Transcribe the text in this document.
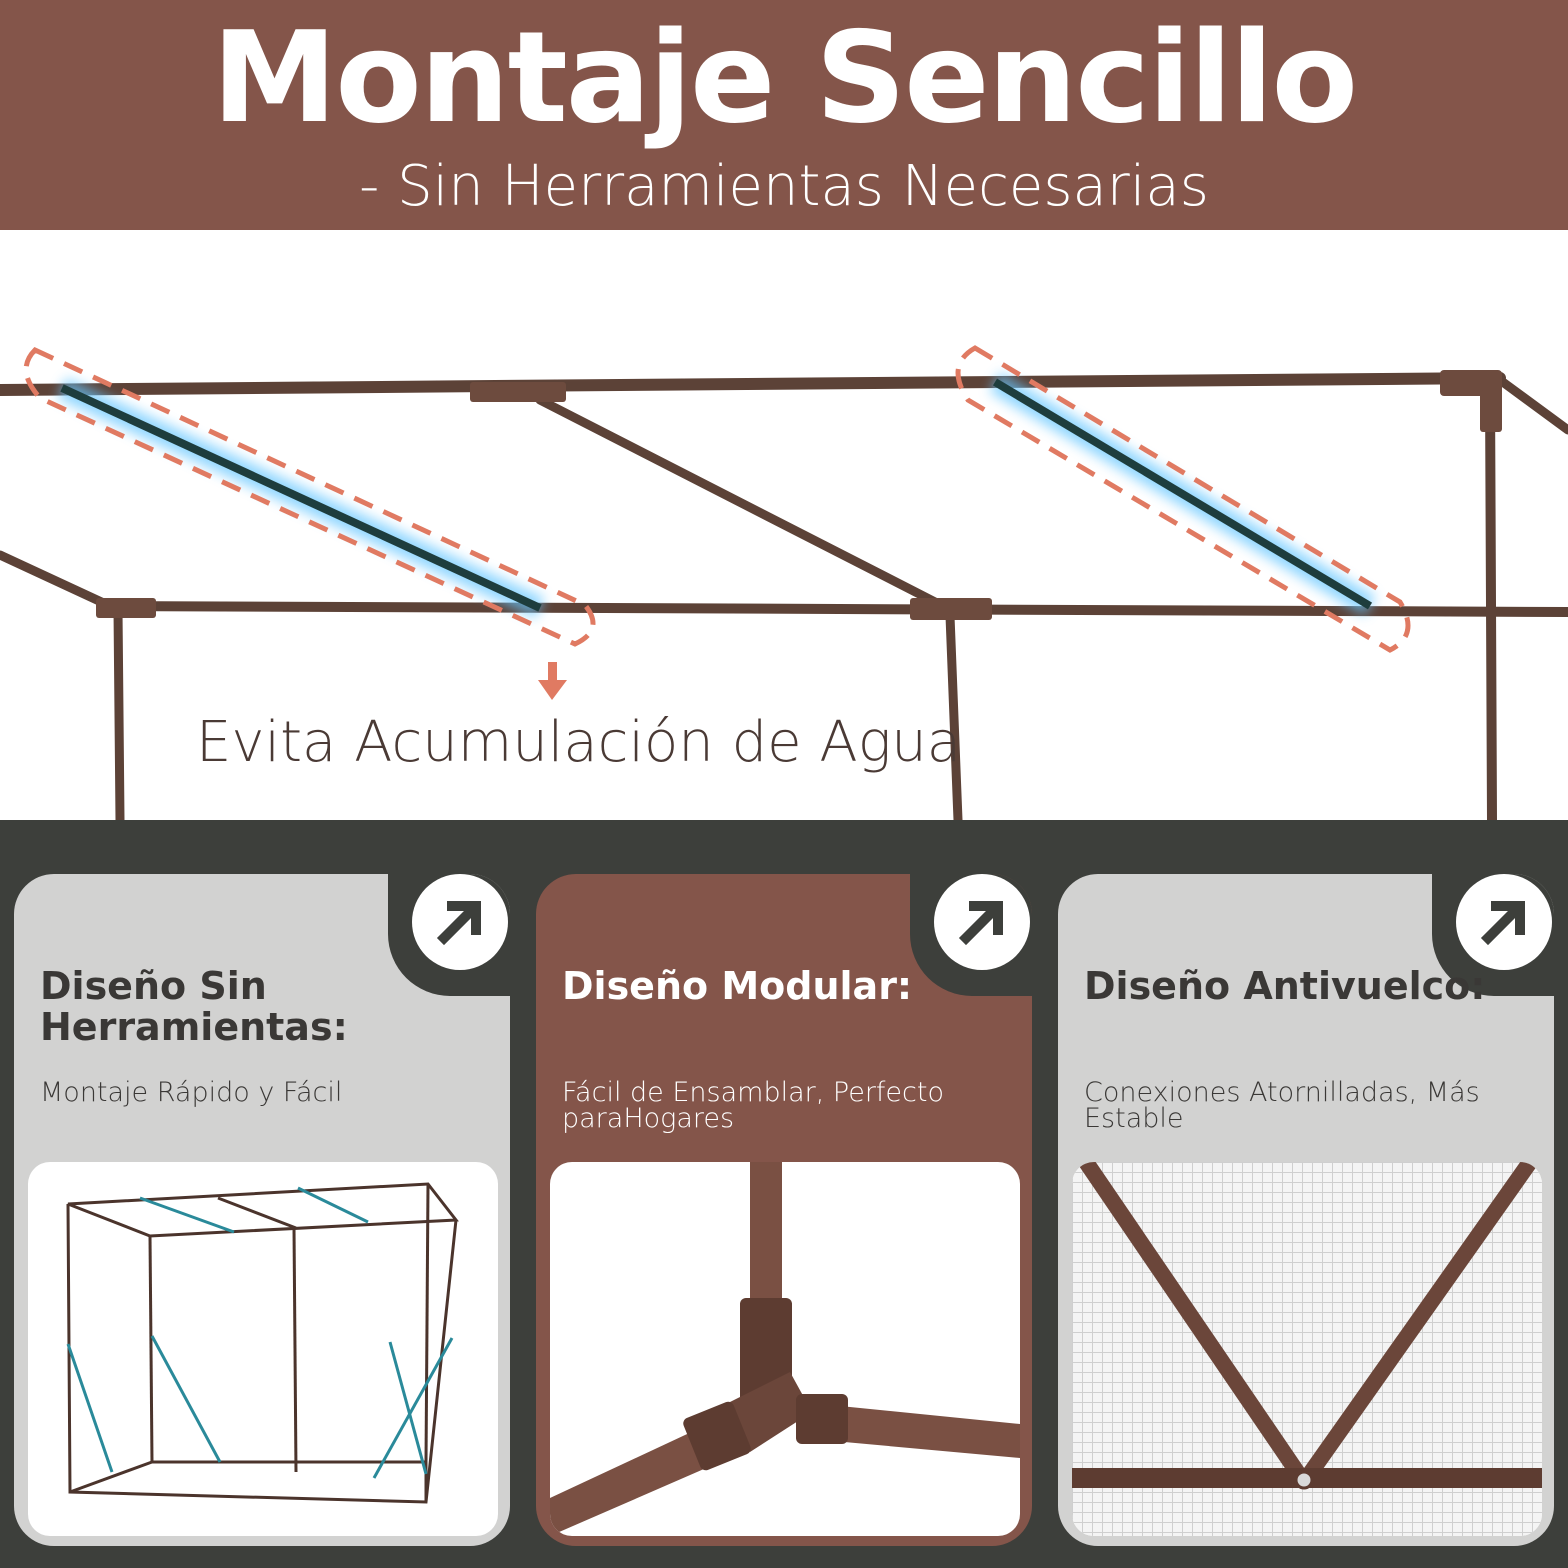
Montaje Sencillo
- Sin Herramientas Necesarias
Evita Acumulación de Agua
Diseño Sin Herramientas:

Montaje Rápido y Fácil

Diseño Modular:

Fácil de Ensamblar, Perfecto paraHogares

Diseño Antivuelco:

Conexiones Atornilladas, Más Estable
